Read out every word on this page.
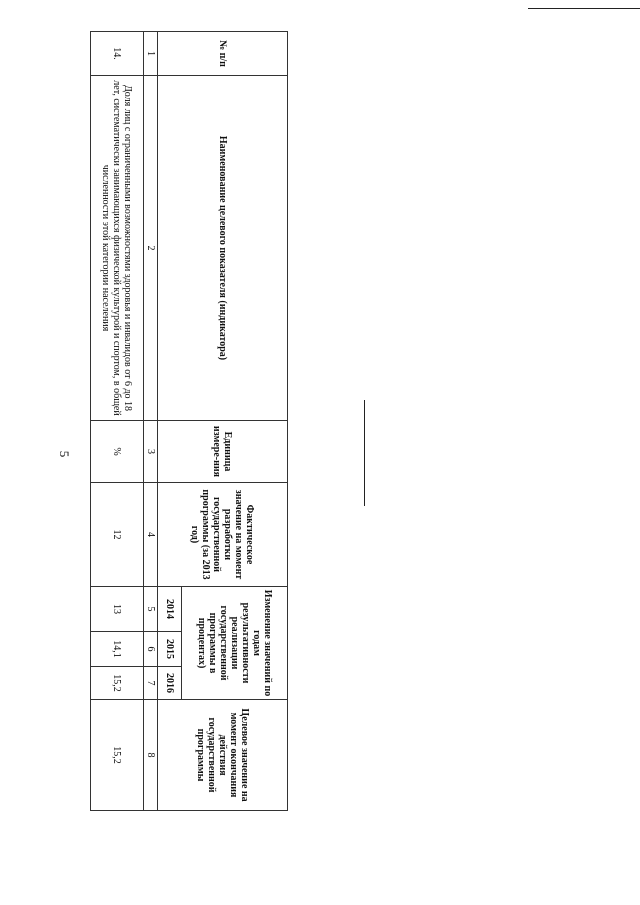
5
№ п/п	Наименование целевого показателя (индикатора)	Единица измере-ния	Фактическое значение на момент разработки государственной программы (за 2013 год)	Изменение значений по годам результативности реализации государственной программы в процентах)			Целевое значение на момент окончания действия государственной программы
				2014	2015	2016	
1	2	3	4	5	6	7	8
14.	Доля лиц с ограниченными возможностями здоровья и инвалидов от 6 до 18 лет, систематически занимающихся физической культурой и спортом, в общей численности этой категории населения	%	12	13	14,1	15,2	15,2
